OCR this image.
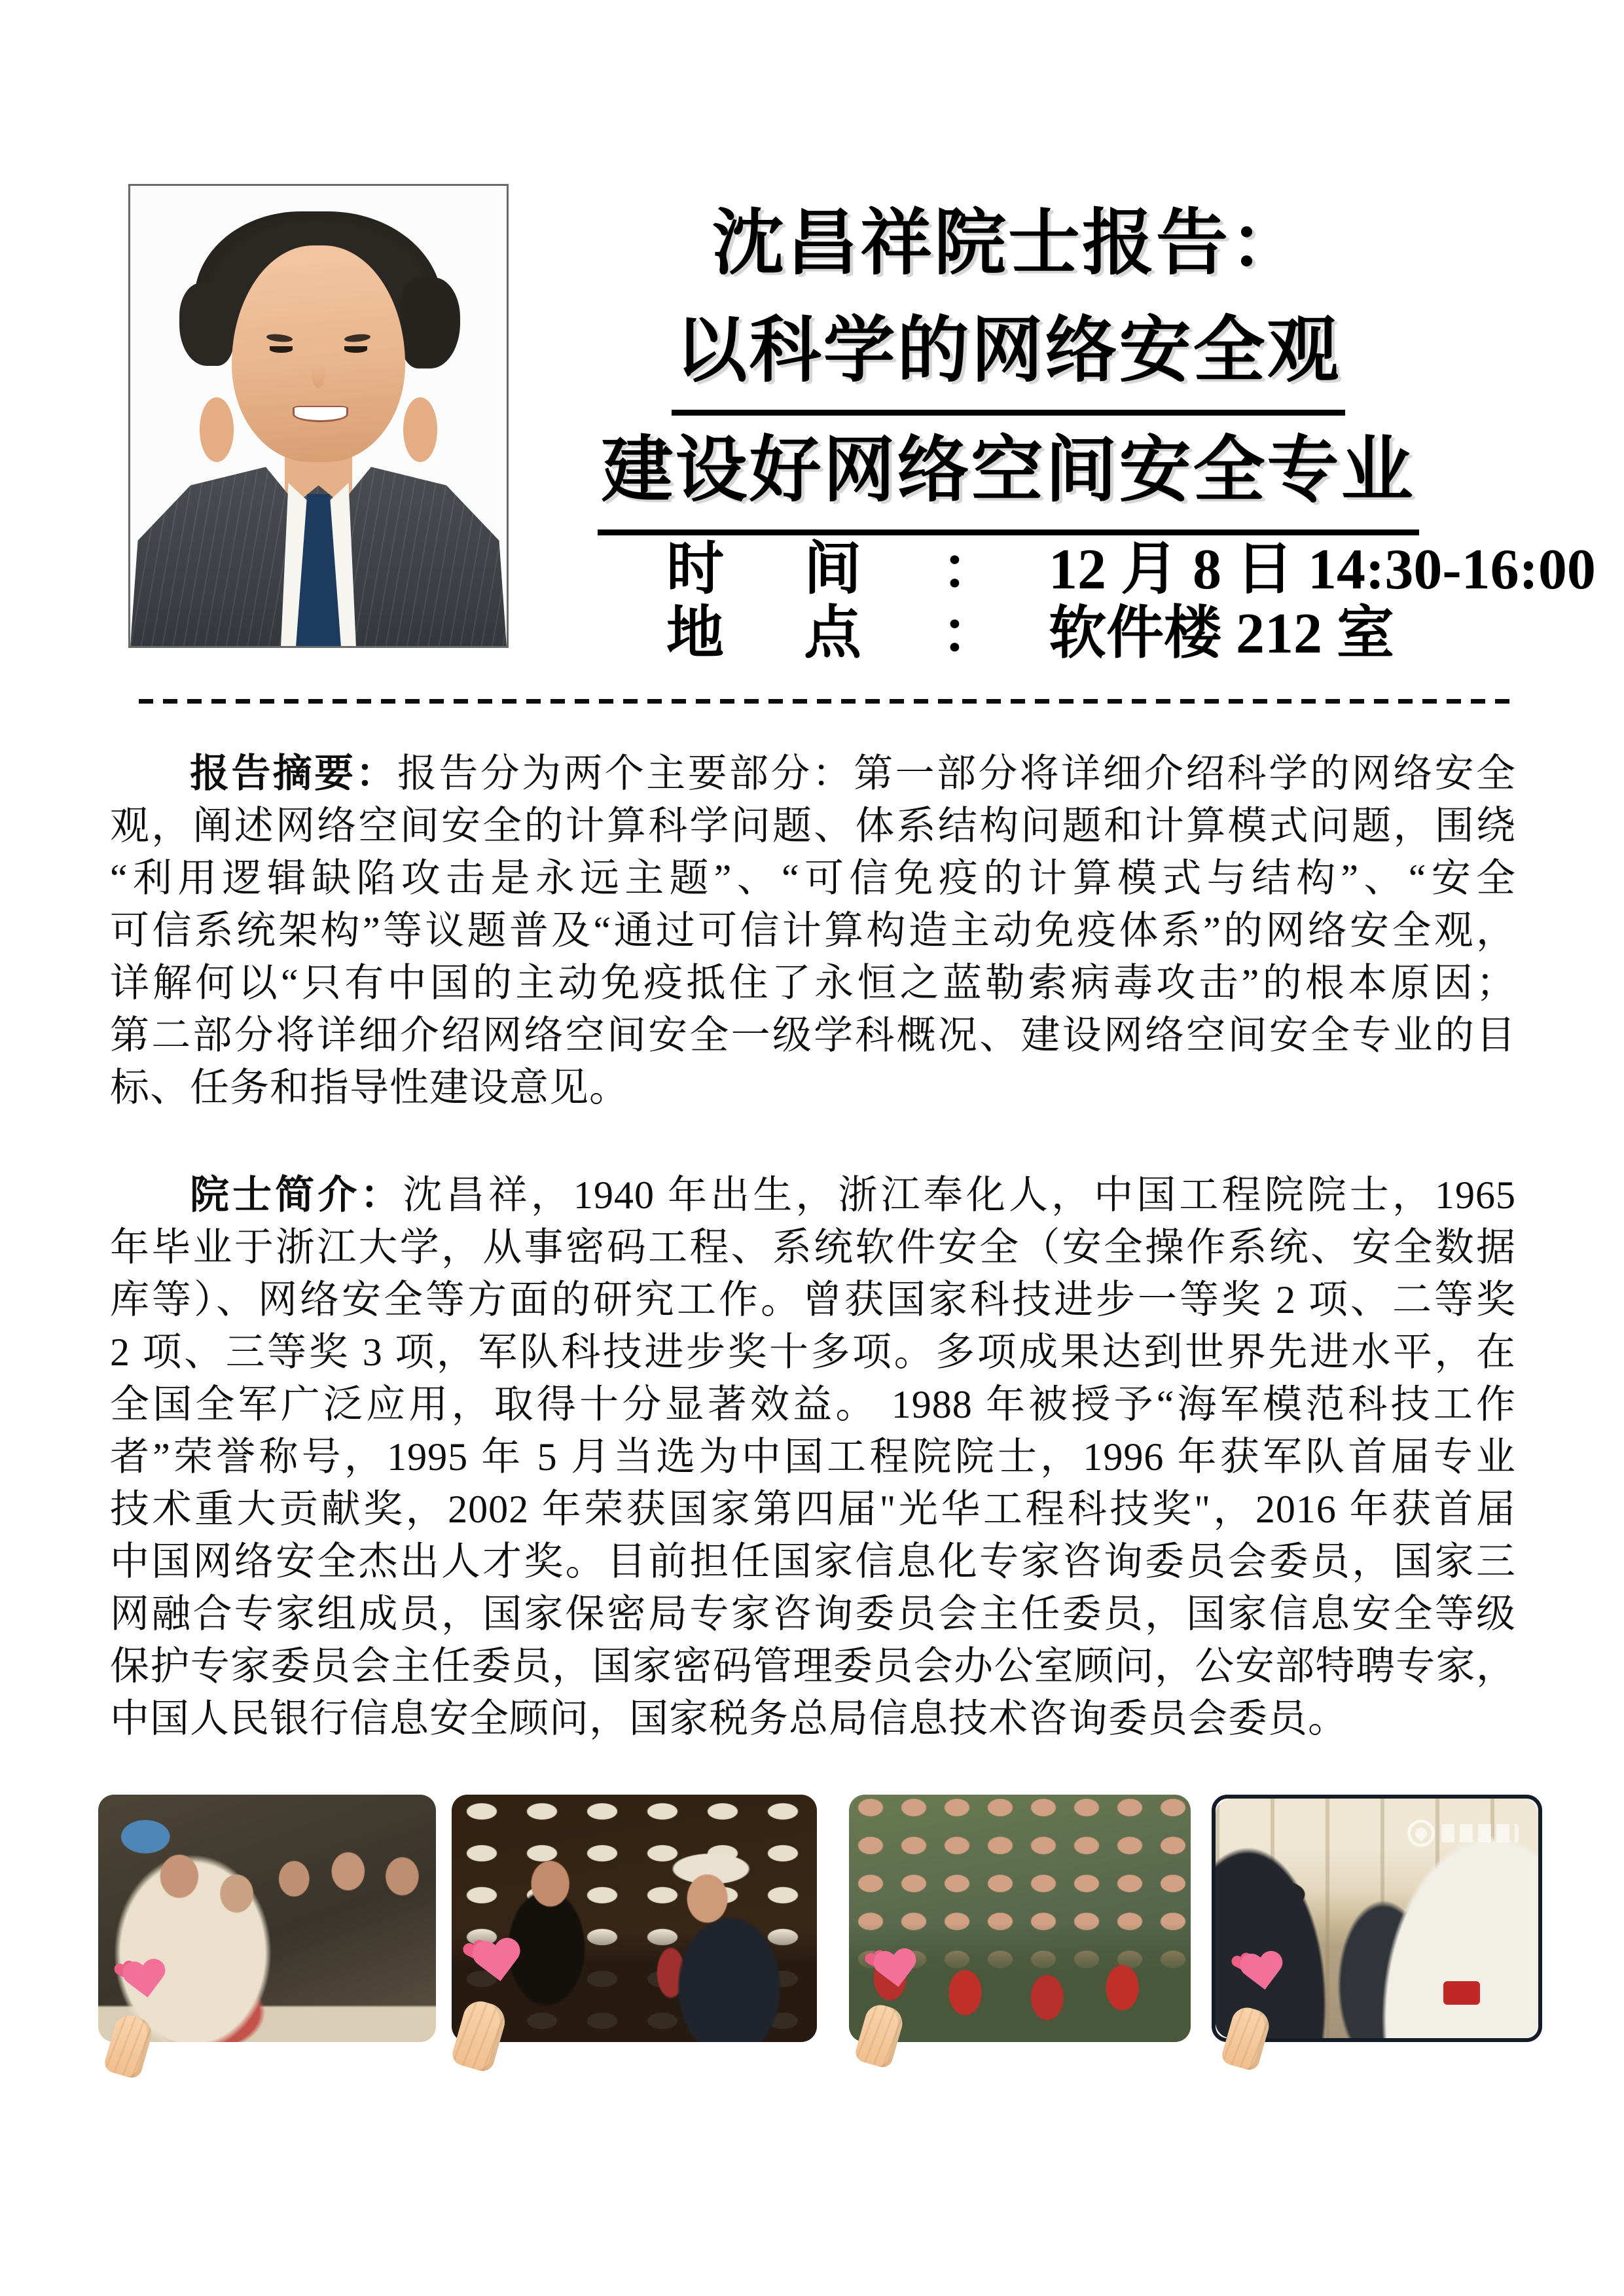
沈昌祥院士报告：
以科学的网络安全观
建设好网络空间安全专业
时 间 ： 12 月 8 日 14:30-16:00
地 点 ： 软件楼 212 室
报告摘要：报告分为两个主要部分：第一部分将详细介绍科学的网络安全
观，阐述网络空间安全的计算科学问题、体系结构问题和计算模式问题，围绕
“利用逻辑缺陷攻击是永远主题”、“可信免疫的计算模式与结构”、“安全
可信系统架构”等议题普及“通过可信计算构造主动免疫体系”的网络安全观，
详解何以“只有中国的主动免疫抵住了永恒之蓝勒索病毒攻击”的根本原因；
第二部分将详细介绍网络空间安全一级学科概况、建设网络空间安全专业的目
标、任务和指导性建设意见。
院士简介：沈昌祥，1940 年出生，浙江奉化人，中国工程院院士，1965
年毕业于浙江大学，从事密码工程、系统软件安全（安全操作系统、安全数据
库等）、网络安全等方面的研究工作。曾获国家科技进步一等奖 2 项、二等奖
2 项、三等奖 3 项，军队科技进步奖十多项。多项成果达到世界先进水平，在
全国全军广泛应用，取得十分显著效益。 1988 年被授予“海军模范科技工作
者”荣誉称号，1995 年 5 月当选为中国工程院院士，1996 年获军队首届专业
技术重大贡献奖，2002 年荣获国家第四届"光华工程科技奖"，2016 年获首届
中国网络安全杰出人才奖。目前担任国家信息化专家咨询委员会委员，国家三
网融合专家组成员，国家保密局专家咨询委员会主任委员，国家信息安全等级
保护专家委员会主任委员，国家密码管理委员会办公室顾问，公安部特聘专家，
中国人民银行信息安全顾问，国家税务总局信息技术咨询委员会委员。
